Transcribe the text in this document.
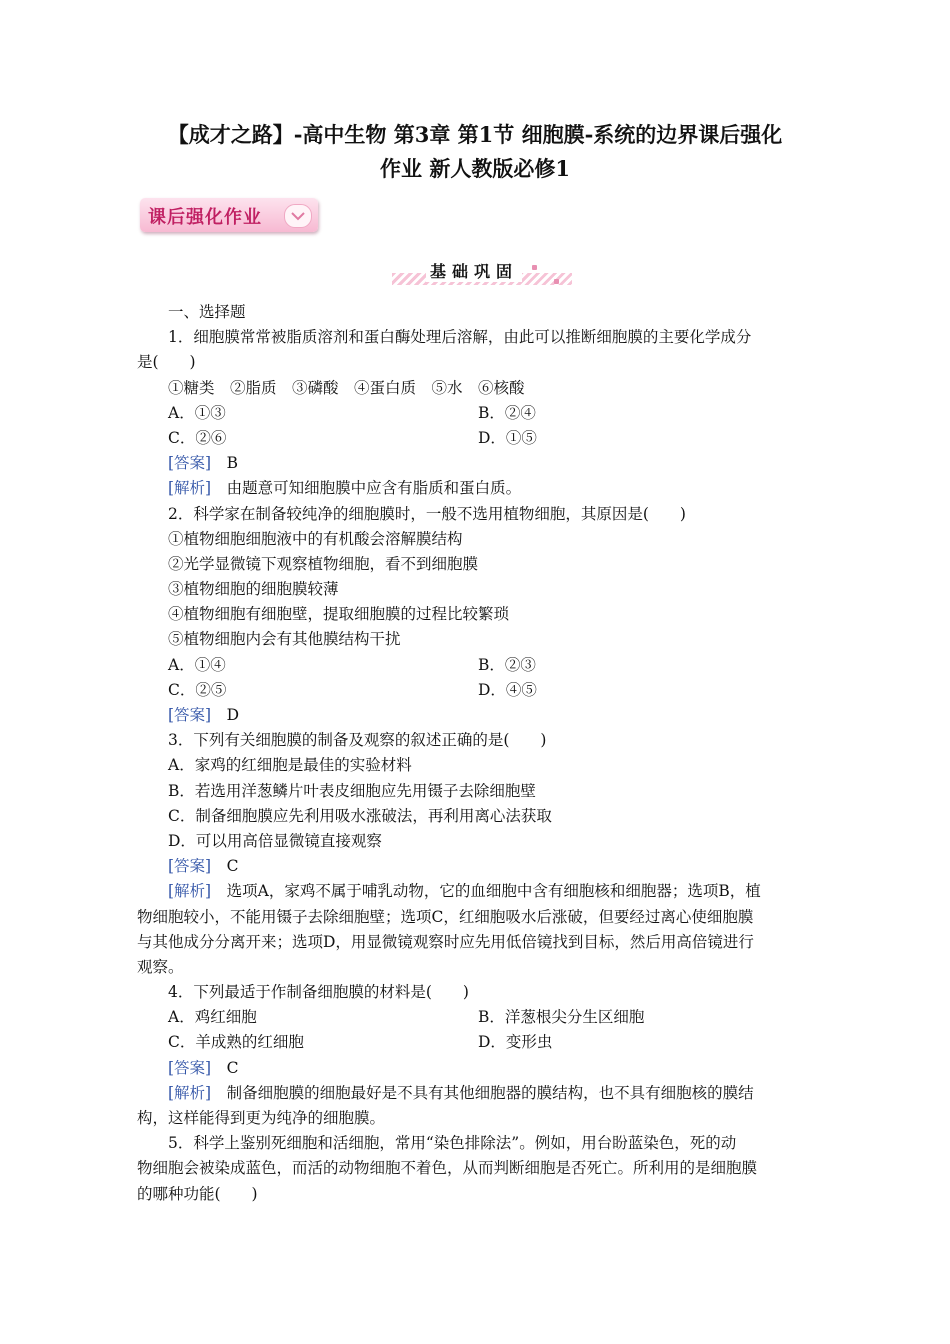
【成才之路】-高中生物 第3章 第1节 细胞膜-系统的边界课后强化
作业 新人教版必修1
课后强化作业
基础巩固
一、选择题
1．细胞膜常常被脂质溶剂和蛋白酶处理后溶解，由此可以推断细胞膜的主要化学成分
是(　　)
①糖类　②脂质　③磷酸　④蛋白质　⑤水　⑥核酸
A．①③	B．②④
C．②⑥	D．①⑤
[答案]　 B
[解析]　 由题意可知细胞膜中应含有脂质和蛋白质。
2．科学家在制备较纯净的细胞膜时，一般不选用植物细胞，其原因是(　　)
①植物细胞细胞液中的有机酸会溶解膜结构
②光学显微镜下观察植物细胞，看不到细胞膜
③植物细胞的细胞膜较薄
④植物细胞有细胞壁，提取细胞膜的过程比较繁琐
⑤植物细胞内会有其他膜结构干扰
A．①④	B．②③
C．②⑤	D．④⑤
[答案]　 D
3．下列有关细胞膜的制备及观察的叙述正确的是(　　)
A．家鸡的红细胞是最佳的实验材料
B．若选用洋葱鳞片叶表皮细胞应先用镊子去除细胞壁
C．制备细胞膜应先利用吸水涨破法，再利用离心法获取
D．可以用高倍显微镜直接观察
[答案]　 C
[解析]　 选项A，家鸡不属于哺乳动物，它的血细胞中含有细胞核和细胞器；选项B，植
物细胞较小，不能用镊子去除细胞壁；选项C，红细胞吸水后涨破，但要经过离心使细胞膜
与其他成分分离开来；选项D，用显微镜观察时应先用低倍镜找到目标，然后用高倍镜进行
观察。
4．下列最适于作制备细胞膜的材料是(　　)
A．鸡红细胞	B．洋葱根尖分生区细胞
C．羊成熟的红细胞	D．变形虫
[答案]　 C
[解析]　 制备细胞膜的细胞最好是不具有其他细胞器的膜结构，也不具有细胞核的膜结
构，这样能得到更为纯净的细胞膜。
5．科学上鉴别死细胞和活细胞，常用“染色排除法”。例如，用台盼蓝染色，死的动
物细胞会被染成蓝色，而活的动物细胞不着色，从而判断细胞是否死亡。所利用的是细胞膜
的哪种功能(　　)
